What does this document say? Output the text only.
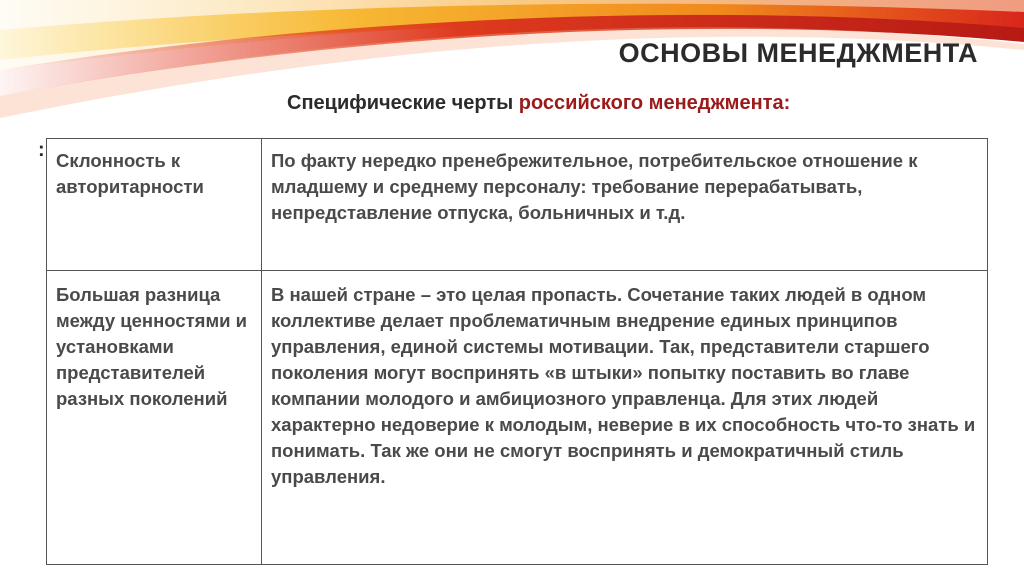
ОСНОВЫ МЕНЕДЖМЕНТА
Специфические черты российского менеджмента:
: Склонность к авторитарности	По факту нередко пренебрежительное, потребительское отношение к младшему и среднему персоналу: требование перерабатывать, непредставление отпуска, больничных и т.д.
Большая разница между ценностями и установками представителей разных поколений	В нашей стране – это целая пропасть. Сочетание таких людей в одном коллективе делает проблематичным внедрение единых принципов управления, единой системы мотивации. Так, представители старшего поколения могут воспринять «в штыки» попытку поставить во главе компании молодого и амбициозного управленца. Для этих людей характерно недоверие к молодым, неверие в их способность что-то знать и понимать. Так же они не смогут воспринять и демократичный стиль управления.
